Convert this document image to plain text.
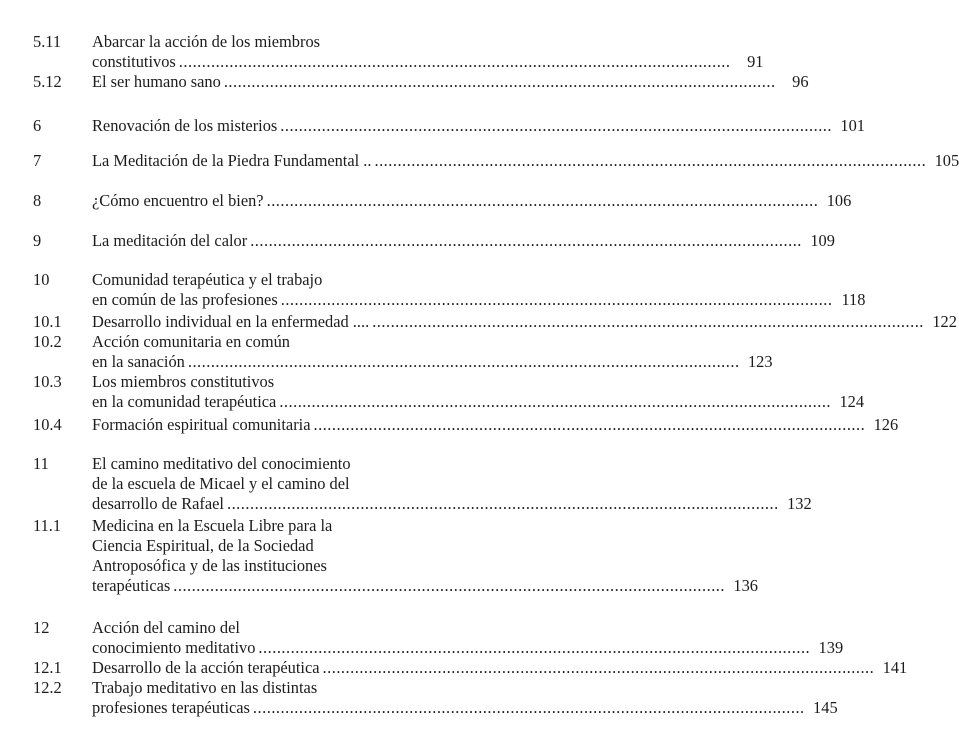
5.11 Abarcar la acción de los miembros
constitutivos ........................................................................................................................	91
5.12 El ser humano sano ........................................................................................................................	96
6	Renovación de los misterios ........................................................................................................................ 101
7	La Meditación de la Piedra Fundamental .. ........................................................................................................................ 105
8	¿Cómo encuentro el bien? ........................................................................................................................ 106
9	La meditación del calor ........................................................................................................................ 109
10	Comunidad terapéutica y el trabajo
en común de las profesiones ........................................................................................................................ 118
10.1 Desarrollo individual en la enfermedad .... ........................................................................................................................ 122
10.2 Acción comunitaria en común
en la sanación ........................................................................................................................ 123
10.3 Los miembros constitutivos
en la comunidad terapéutica ........................................................................................................................ 124
10.4 Formación espiritual comunitaria ........................................................................................................................ 126
11	El camino meditativo del conocimiento
de la escuela de Micael y el camino del
desarrollo de Rafael ........................................................................................................................ 132
11.1 Medicina en la Escuela Libre para la
Ciencia Espiritual, de la Sociedad
Antroposófica y de las instituciones
terapéuticas ........................................................................................................................ 136
12	Acción del camino del
conocimiento meditativo ........................................................................................................................ 139
12.1 Desarrollo de la acción terapéutica ........................................................................................................................ 141
12.2 Trabajo meditativo en las distintas
profesiones terapéuticas ........................................................................................................................ 145
